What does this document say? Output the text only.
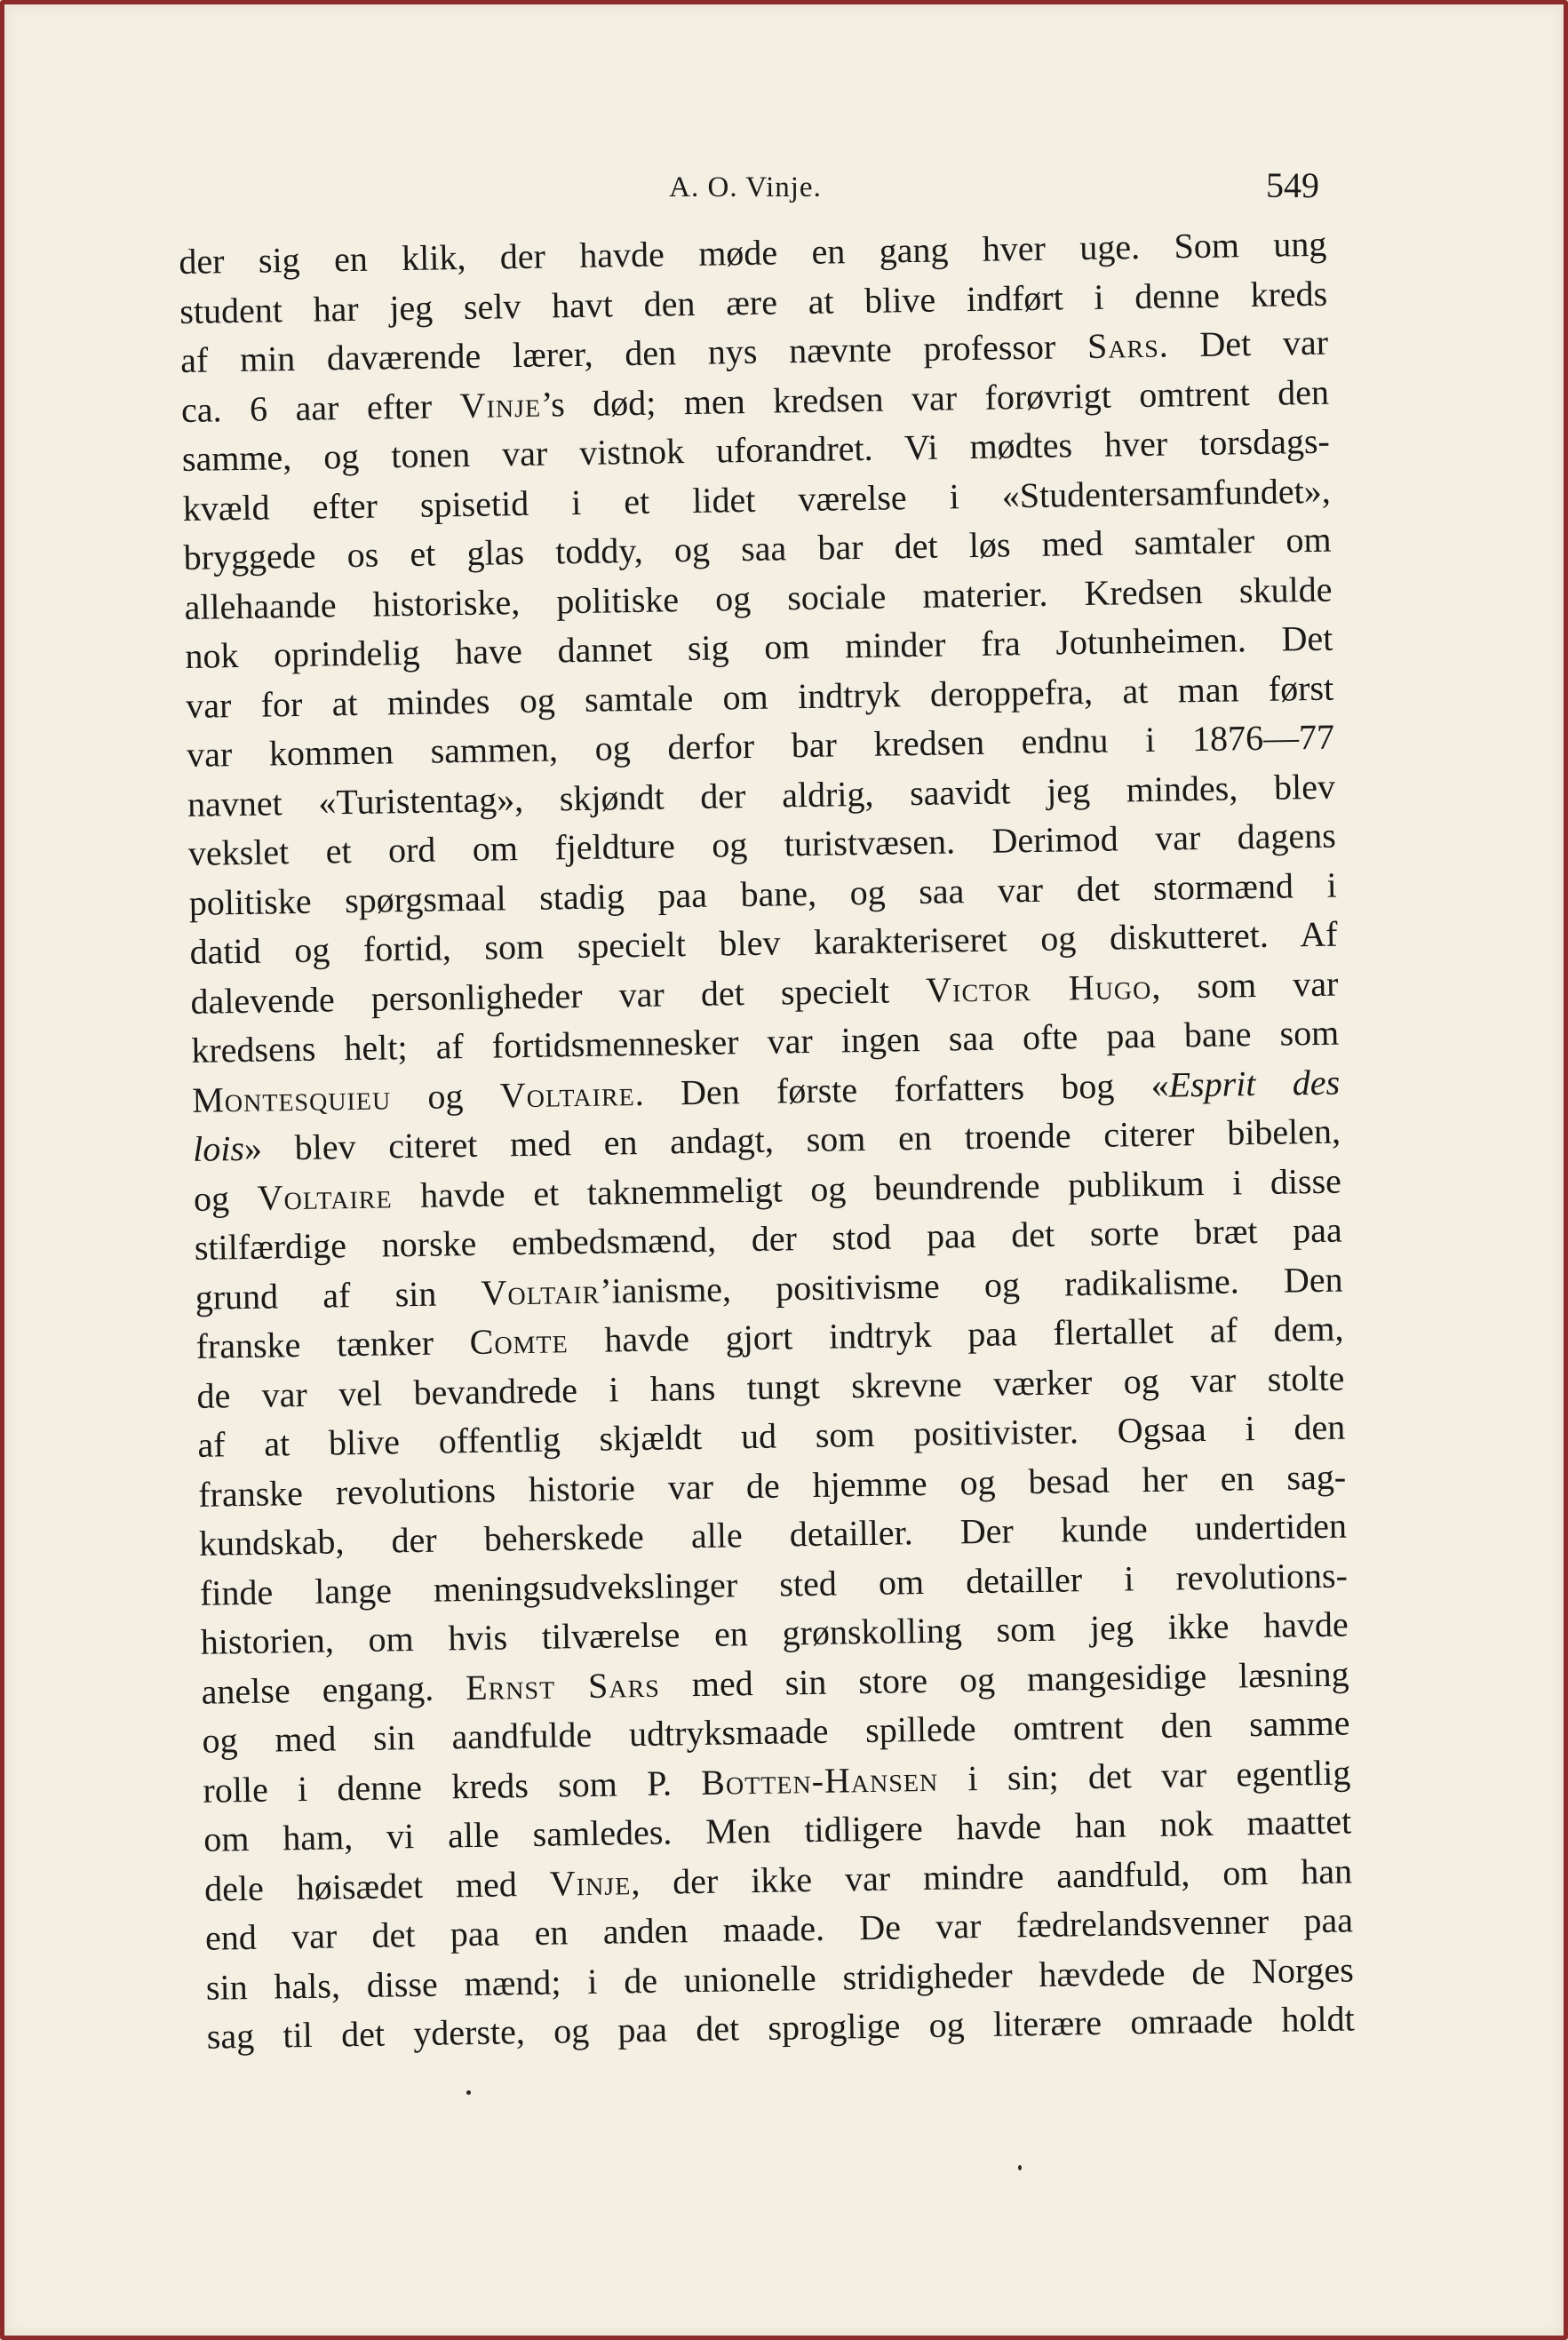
A. O. Vinje.	549
der sig en klik, der havde møde en gang hver uge. Som ung
student har jeg selv havt den ære at blive indført i denne kreds
af min daværende lærer, den nys nævnte professor Sars. Det var
ca. 6 aar efter Vinje’s død; men kredsen var forøvrigt omtrent den
samme, og tonen var vistnok uforandret. Vi mødtes hver torsdags-
kvæld efter spisetid i et lidet værelse i «Studentersamfundet»,
bryggede os et glas toddy, og saa bar det løs med samtaler om
allehaande historiske, politiske og sociale materier. Kredsen skulde
nok oprindelig have dannet sig om minder fra Jotunheimen. Det
var for at mindes og samtale om indtryk deroppefra, at man først
var kommen sammen, og derfor bar kredsen endnu i 1876—77
navnet «Turistentag», skjøndt der aldrig, saavidt jeg mindes, blev
vekslet et ord om fjeldture og turistvæsen. Derimod var dagens
politiske spørgsmaal stadig paa bane, og saa var det stormænd i
datid og fortid, som specielt blev karakteriseret og diskutteret. Af
dalevende personligheder var det specielt Victor Hugo, som var
kredsens helt; af fortidsmennesker var ingen saa ofte paa bane som
Montesquieu og Voltaire. Den første forfatters bog «Esprit des
lois» blev citeret med en andagt, som en troende citerer bibelen,
og Voltaire havde et taknemmeligt og beundrende publikum i disse
stilfærdige norske embedsmænd, der stod paa det sorte bræt paa
grund af sin Voltair’ianisme, positivisme og radikalisme. Den
franske tænker Comte havde gjort indtryk paa flertallet af dem,
de var vel bevandrede i hans tungt skrevne værker og var stolte
af at blive offentlig skjældt ud som positivister. Ogsaa i den
franske revolutions historie var de hjemme og besad her en sag-
kundskab, der beherskede alle detailler. Der kunde undertiden
finde lange meningsudvekslinger sted om detailler i revolutions-
historien, om hvis tilværelse en grønskolling som jeg ikke havde
anelse engang. Ernst Sars med sin store og mangesidige læsning
og med sin aandfulde udtryksmaade spillede omtrent den samme
rolle i denne kreds som P. Botten-Hansen i sin; det var egentlig
om ham, vi alle samledes. Men tidligere havde han nok maattet
dele høisædet med Vinje, der ikke var mindre aandfuld, om han
end var det paa en anden maade. De var fædrelandsvenner paa
sin hals, disse mænd; i de unionelle stridigheder hævdede de Norges
sag til det yderste, og paa det sproglige og literære omraade holdt
